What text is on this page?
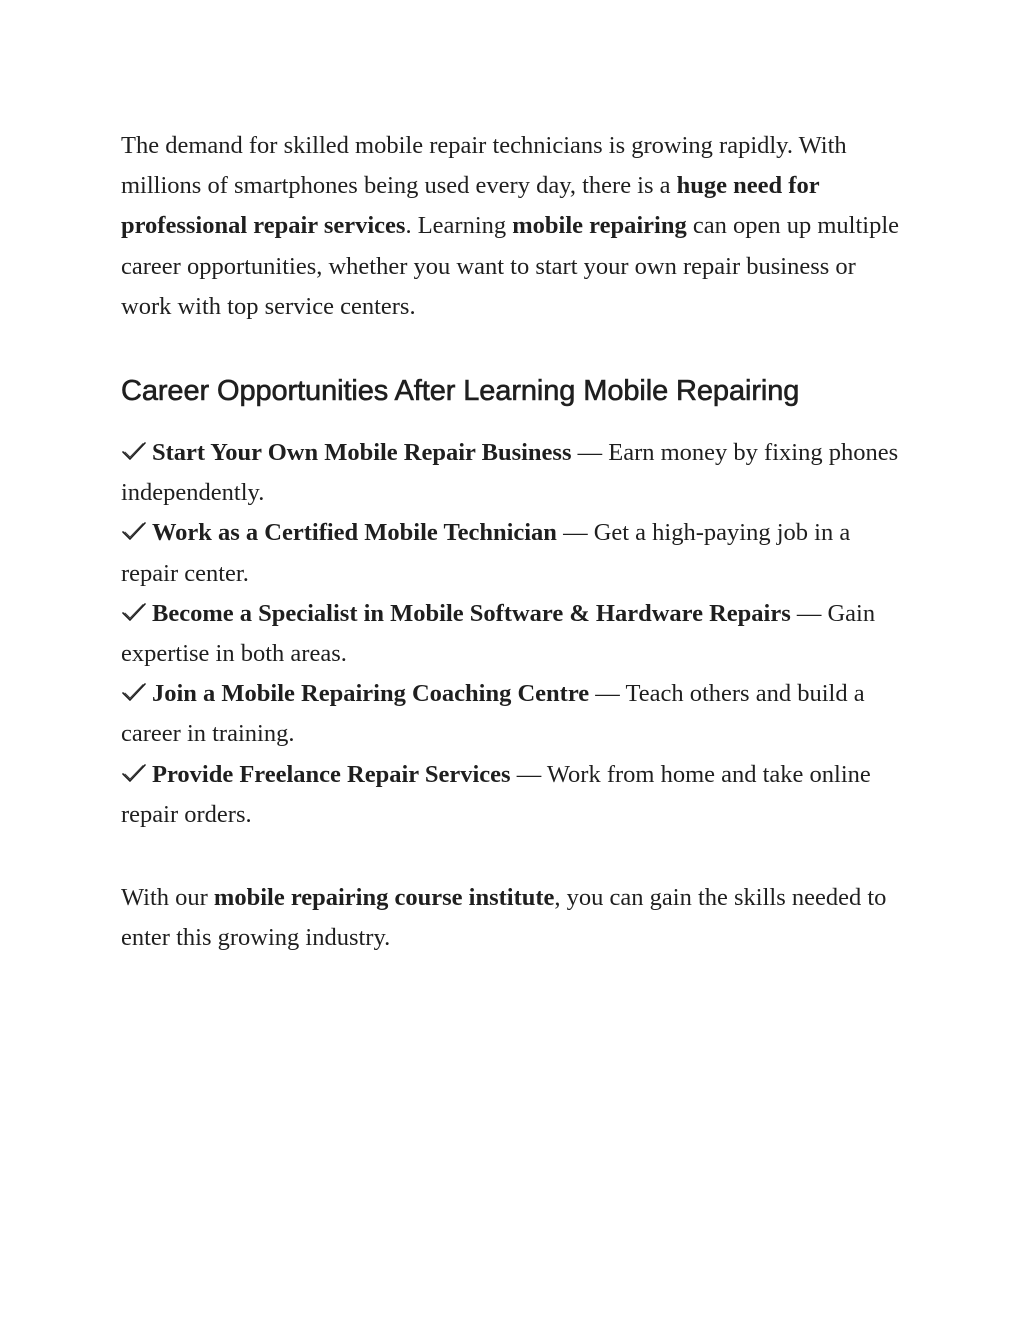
The demand for skilled mobile repair technicians is growing rapidly. With millions of smartphones being used every day, there is a huge need for professional repair services. Learning mobile repairing can open up multiple career opportunities, whether you want to start your own repair business or work with top service centers.

Career Opportunities After Learning Mobile Repairing

Start Your Own Mobile Repair Business — Earn money by fixing phones independently.

Work as a Certified Mobile Technician — Get a high-paying job in a repair center.

Become a Specialist in Mobile Software & Hardware Repairs — Gain expertise in both areas.

Join a Mobile Repairing Coaching Centre — Teach others and build a career in training.

Provide Freelance Repair Services — Work from home and take online repair orders.

With our mobile repairing course institute, you can gain the skills needed to enter this growing industry.
